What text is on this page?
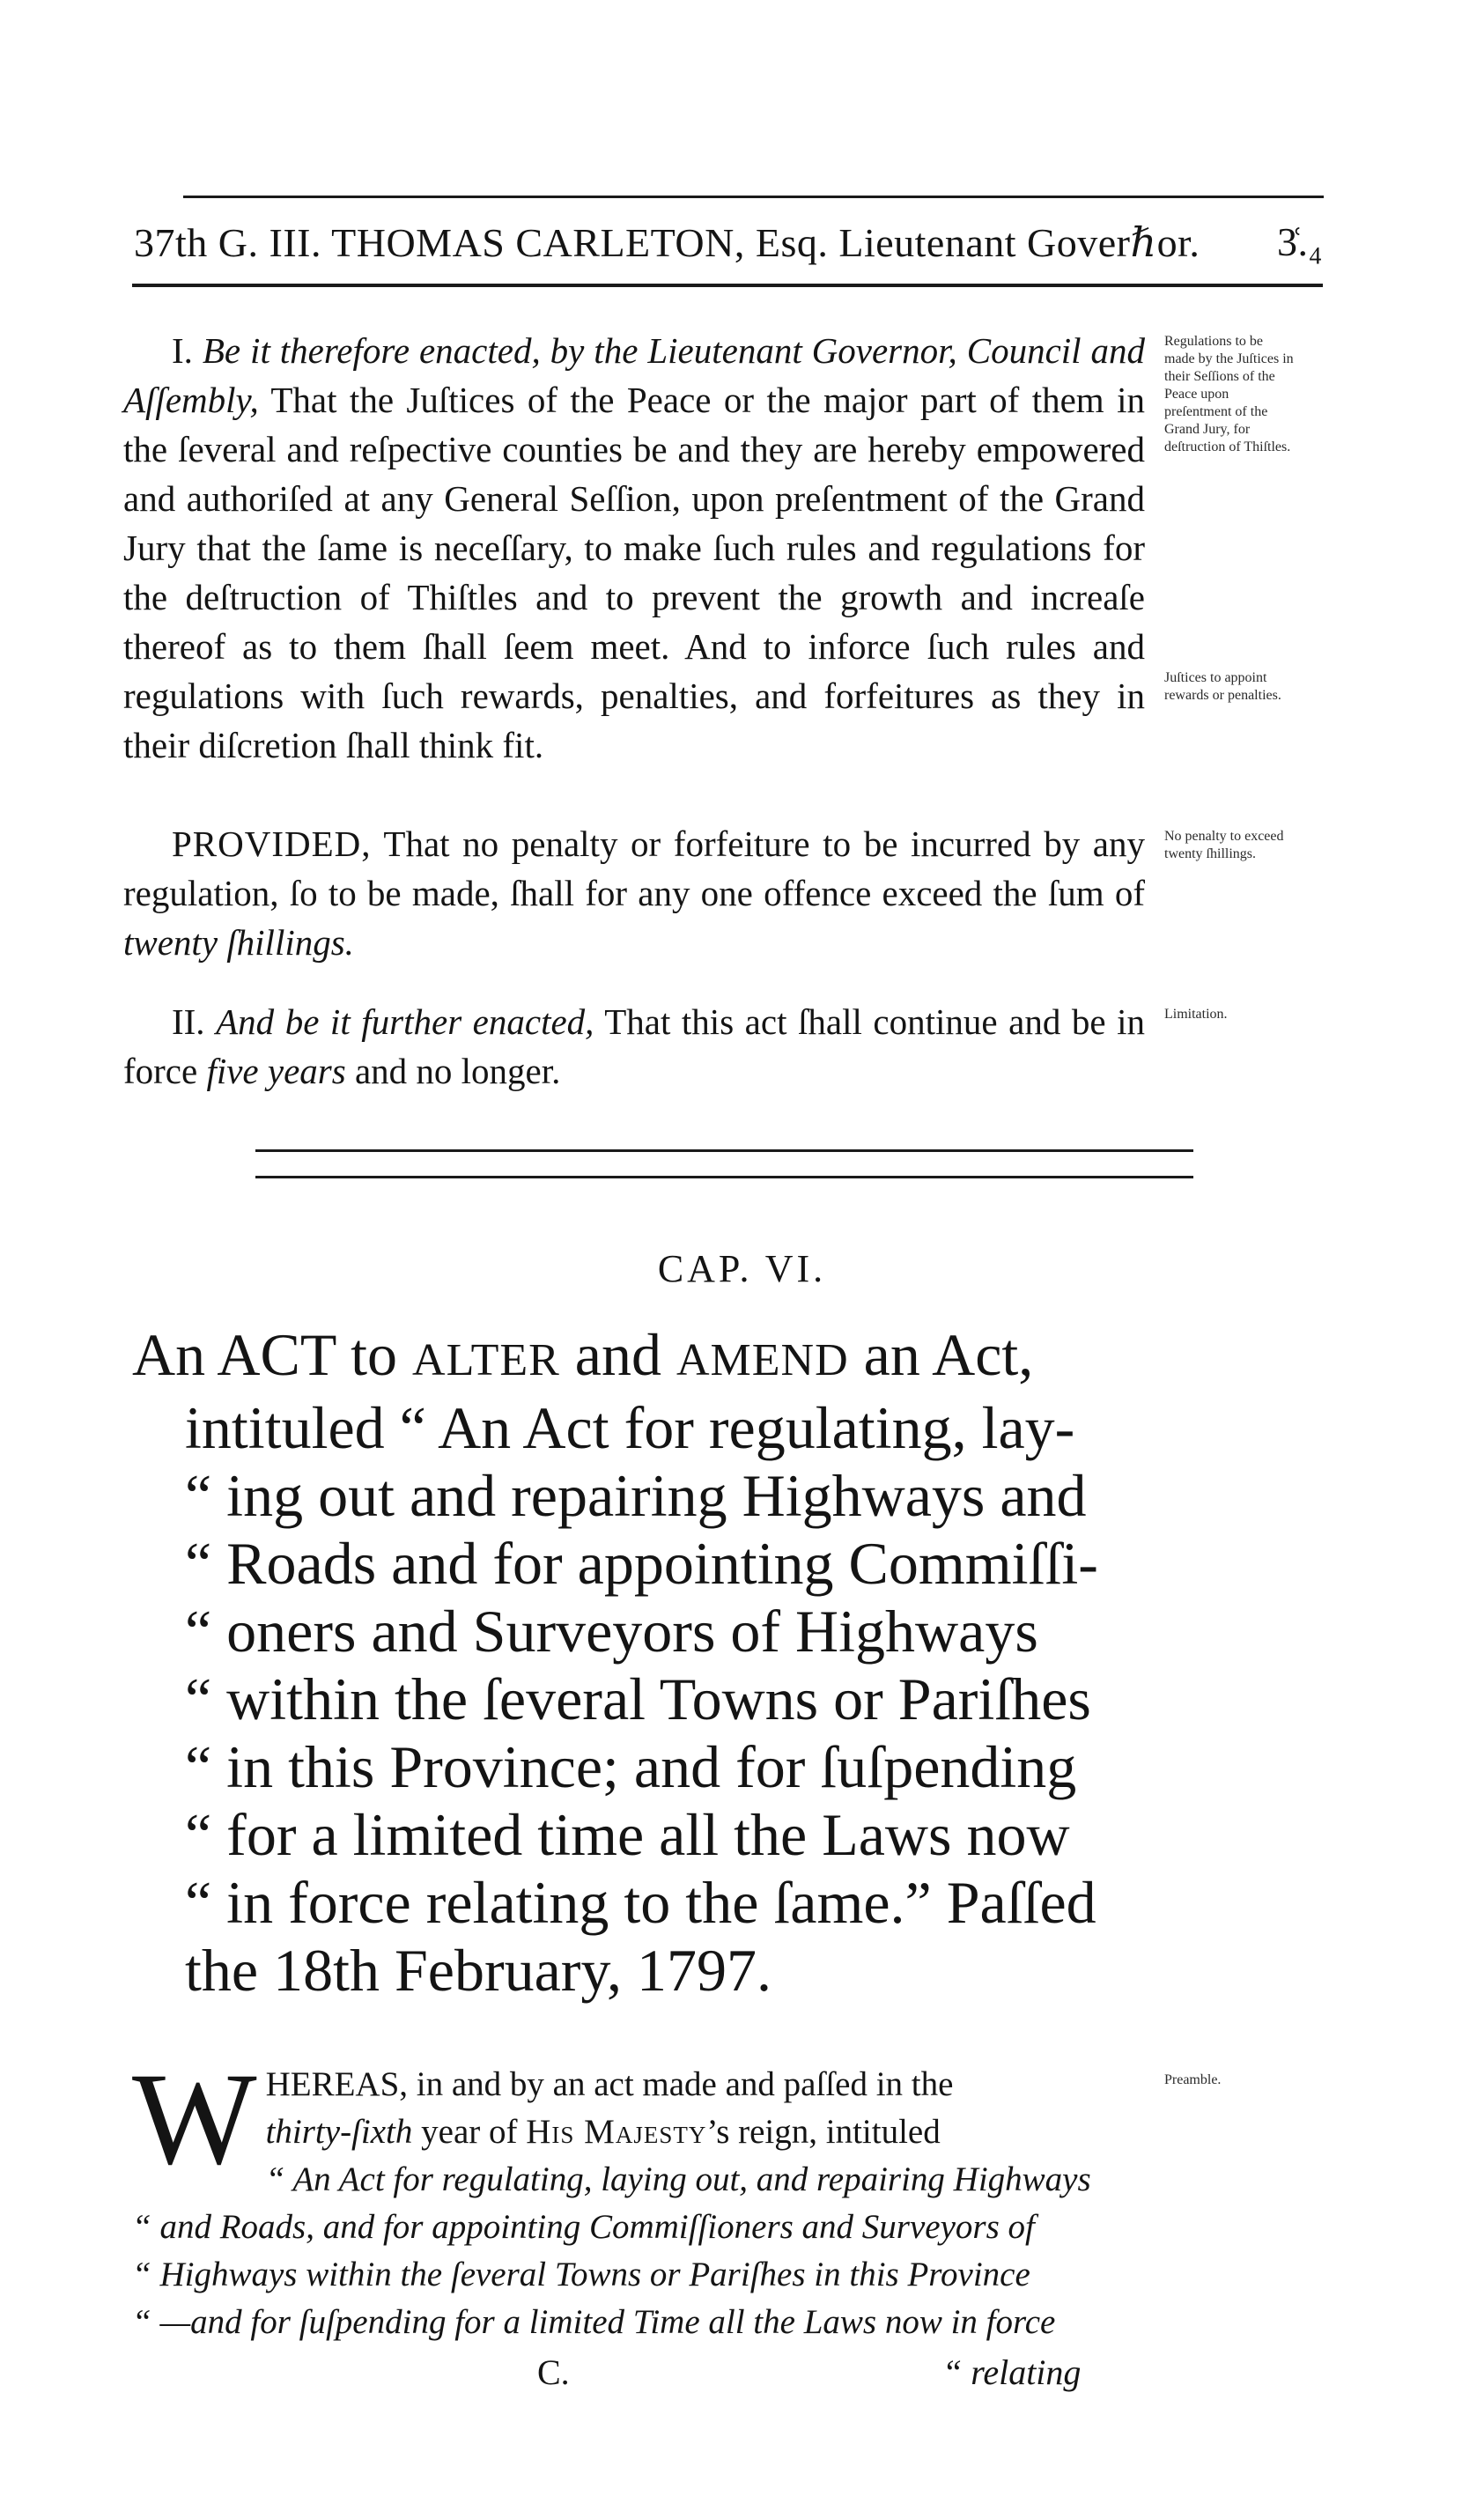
37th G. III. THOMAS CARLETON, Esq. Lieutenant Goverℏor. 3͑.₄
I. Be it therefore enacted, by the Lieutenant Governor, Council and Aſſembly, That the Juſtices of the Peace or the major part of them in the ſeveral and reſpective counties be and they are hereby empowered and authoriſed at any General Seſſion, upon preſentment of the Grand Jury that the ſame is neceſſary, to make ſuch rules and regulations for the deſtruction of Thiſtles and to prevent the growth and increaſe thereof as to them ſhall ſeem meet. And to inforce ſuch rules and regulations with ſuch rewards, penalties, and forfeitures as they in their diſcretion ſhall think fit.
PROVIDED, That no penalty or forfeiture to be incurred by any regulation, ſo to be made, ſhall for any one offence exceed the ſum of twenty ſhillings.
II. And be it further enacted, That this act ſhall continue and be in force five years and no longer.
Regulations to be made by the Juſtices in their Seſſions of the Peace upon preſentment of the Grand Jury, for deſtruction of Thiſtles.
Juſtices to appoint rewards or penalties.
No penalty to exceed twenty ſhillings.
Limitation.
Preamble.
CAP. VI.
An ACT to ALTER and AMEND an Act,
intituled “ An Act for regulating, lay-
“ ing out and repairing Highways and
“ Roads and for appointing Commiſſi-
“ oners and Surveyors of Highways
“ within the ſeveral Towns or Pariſhes
“ in this Province; and for ſuſpending
“ for a limited time all the Laws now
“ in force relating to the ſame.” Paſſed
the 18th February, 1797.
W HEREAS, in and by an act made and paſſed in the
thirty-ſixth year of His Majesty’s reign, intituled
“ An Act for regulating, laying out, and repairing Highways
“ and Roads, and for appointing Commiſſioners and Surveyors of
“ Highways within the ſeveral Towns or Pariſhes in this Province
“ —and for ſuſpending for a limited Time all the Laws now in force
C.	“ relating
